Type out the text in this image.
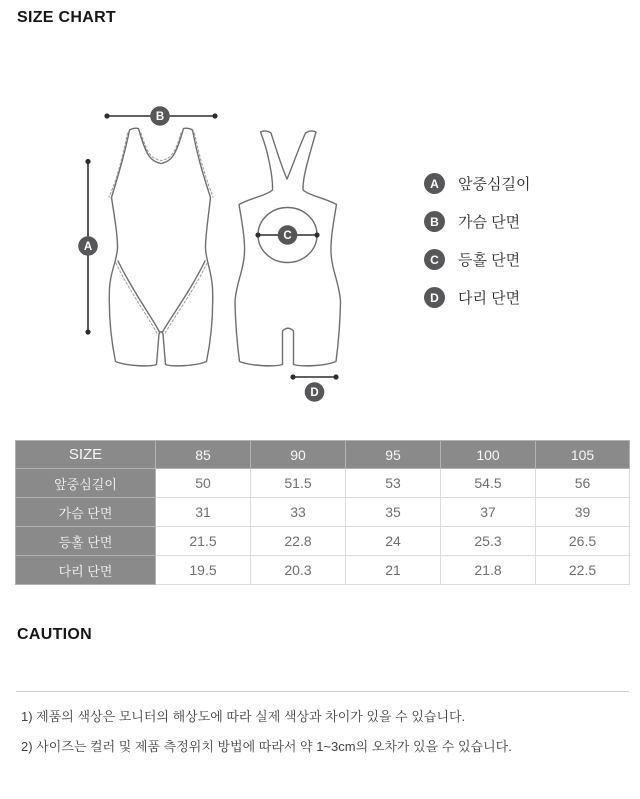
SIZE CHART
B
A
C
D
A	앞중심길이
B	가슴 단면
C	등홀 단면
D	다리 단면
SIZE	85	90	95	100	105
앞중심길이	50	51.5	53	54.5	56
가슴 단면	31	33	35	37	39
등홀 단면	21.5	22.8	24	25.3	26.5
다리 단면	19.5	20.3	21	21.8	22.5
CAUTION

1) 제품의 색상은 모니터의 해상도에 따라 실제 색상과 차이가 있을 수 있습니다.

2) 사이즈는 컬러 및 제품 측정위치 방법에 따라서 약 1~3cm의 오차가 있을 수 있습니다.
